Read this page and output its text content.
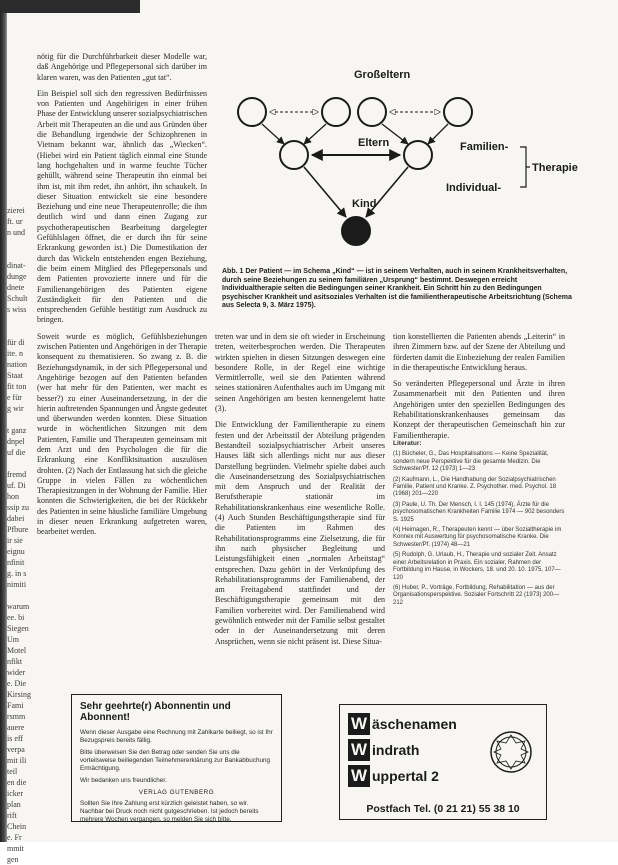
zierei
ft. ur
n und

dinat-
dunge
dnete
Schult
s wiss

für di
ite. n
nation
Staat
fit ton
e für
g wir

t ganz
dnpel
uf die

fremd
uf. Di
hon
ssip zu
dabei
Pfbure
ir sie
eignu
nfinit
g. in s
nimiti

warum
ee. bi
Siegen
Um
Motel
nfikt
wider
e. Die
Kirsing
Fami
rsmm
auere
is eff
verpa
mit ili
teil
en die
icker
plan
rift
Chein
e. Fr
mmit
gen

nötig für die Durchführbarkeit dieser Modelle war, daß Angehörige und Pflegepersonal sich darüber im klaren waren, was den Patienten „gut tat“.

Ein Beispiel soll sich den regressiven Bedürfnissen von Patienten und Angehörigen in einer frühen Phase der Entwicklung unserer sozialpsychiatrischen Arbeit mit Therapeuten an die und aus Gründen über die Behandlung irgendwie der Schizophrenen in Vietnam bekannt war, ähnlich das „Wiecken“. (Hiebei wird ein Patient täglich einmal eine Stunde lang hochgehalten und in warme feuchte Tücher gehüllt, während seine Therapeutin ihn einmal bei ihm ist, mit ihm redet, ihn anhört, ihn schaukelt. In dieser Situation entwickelt sie eine besondere Beziehung und eine neue Therapeutenrolle; die ihm deutlich wird und dann einen Zugang zur psychotherapeutischen Bearbeitung dargelegter Gefühlslagen öffnet, die er durch ihn für seine Erkrankung geworden ist.) Die Domestikation der durch das Wickeln entstehenden engen Beziehung, die beim einem Mitglied des Pflegepersonals und dem Patienten provozierte innere und für die Familienangehörigen des Patienten eigene Zuständigkeit für den Patienten und die entsprechenden Gefühle bestätigt zum Ausdruck zu bringen.

Soweit wurde es möglich, Gefühlsbeziehungen zwischen Patienten und Angehörigen in der Therapie konsequent zu thematisieren. So zwang z. B. die Beziehungsdynamik, in der sich Pflegepersonal und Angehörige bezogen auf den Patienten befanden (wer hat mehr für den Patienten, wer macht es besser?) zu einer Auseinandersetzung, in der die hierin auftretenden Spannungen und Ängste gedeutet und überwunden werden konnten. Diese Situation wurde in wöchentlichen Sitzungen mit dem Patienten, Familie und Therapeuten gemeinsam mit dem Arzt und den Psychologen die für die Erkrankung eine Konfliktsituation auszulösen drohten. (2) Nach der Entlassung hat sich die gleiche Gruppe in vielen Fällen zu wöchentlichen Therapiesitzungen in der Wohnung der Familie. Hier konnten die Schwierigkeiten, die bei der Rückkehr des Patienten in seine häusliche familiäre Umgebung in dieser neuen Erkrankung aufgetreten waren, bearbeitet werden.

Großeltern
Eltern	Familien-
Individual-
Therapie
Kind
Abb. 1 Der Patient — im Schema „Kind“ — ist in seinem Verhalten, auch in seinem Krankheitsverhalten, durch seine Beziehungen zu seinem familiären „Ursprung“ bestimmt. Deswegen erreicht Individualtherapie selten die Bedingungen seiner Krankheit. Ein Schritt hin zu den Bedingungen psychischer Krankheit und asitsoziales Verhalten ist die familientherapeutische Arbeitsrichtung (Schema aus Selecta 9, 3. März 1975).

treten war und in dem sie oft wieder in Erscheinung treten, weiterbesprochen werden. Die Therapeuten wirkten spielten in diesen Sitzungen deswegen eine besondere Rolle, in der Regel eine wichtige Vermittlerrolle, weil sie den Patienten während seines stationären Aufenthaltes auch im Umgang mit seinen Angehörigen am besten kennengelernt hatte (3).

Die Entwicklung der Familientherapie zu einem festen und der Arbeitsstil der Abteilung prägenden Bestandteil sozialpsychiatrischer Arbeit unseres Hauses läßt sich allerdings nicht nur aus dieser Darstellung begründen. Vielmehr spielte dabei auch die Auseinandersetzung des Sozialpsychiatrischen mit dem Anspruch und der Realität der Berufstherapie stationär im Rehabilitationskrankenhaus eine wesentliche Rolle. (4) Auch Stunden Beschäftigungstherapie sind für die Patienten im Rahmen des Rehabilitationsprogramms eine Zielsetzung, die für ihn nach physischer Begleitung und Leistungsfähigkeit einen „normalen Arbeitstag“ entsprechen. Dazu gehört in der Verknüpfung des Rehabilitationsprogramms der Familienabend, der am Freitagabend stattfindet und der Beschäftigungstherapie gemeinsam mit den Familien vorbereitet wird. Der Familienabend wird gewöhnlich entweder mit der Familie selbst gestaltet oder in der Auseinandersetzung mit deren Ansprüchen, wenn sie nicht präsent ist. Diese Situa-

tion konstellierten die Patienten abends „Leiterin“ in ihren Zimmern bzw. auf der Szene der Abteilung und förderten damit die Einbeziehung der realen Familien in die therapeutische Entwicklung heraus.

So veränderten Pflegepersonal und Ärzte in ihren Zusammenarbeit mit den Patienten und ihren Angehörigen unter den speziellen Bedingungen des Rehabilitationskrankenhauses gemeinsam das Konzept der therapeutischen Gemeinschaft hin zur Familientherapie.

Literatur:
(1) Bücheler, G., Das Hospitalisations — Keine Spezialität, sondern neue Perspektive für die gesamte Medizin. Die Schwester/Pf. 12 (1973) 1—23
(2) Kaufmann, L., Die Handhabung der Sozialpsychiatrischen Familie, Patient und Kranke. Z. Psychother. med. Psychol. 18 (1968) 201—220
(3) Paule, U. Th. Der Mensch, I. I. 145 (1974), Ärzte für die psychosomatischen Krankheiten Familie 1974 — 902 besonders S. 1925
(4) Heimagen, R., Therapeuten kennt — über Sozialtherapie im Konnex mit Auswertung für psychosomatische Kranke. Die Schwester/Pf. (1974) 48—21
(5) Rudolph, G. Urlaub, H., Therapie und sozialer Zeit. Ansatz einer Arbeitsrelation in Praxis. Ein sozialer, Rahmen der Fortbildung im Hause, in Wockers, 18. und 20. 10. 1975, 107—120
(6) Huber, P., Vorträge, Fortbildung, Rehabilitation — aus der Organisationsperspektive. Sozialer Fortschritt 22 (1973) 200—212
Sehr geehrte(r) Abonnentin und Abonnent!

Wenn dieser Ausgabe eine Rechnung mit Zahlkarte beiliegt, so ist Ihr Bezugspreis bereits fällig.

Bitte überweisen Sie den Betrag oder senden Sie uns die vorteilsweise beiliegenden Teilnehmererklärung zur Bankabbuchung Ermächtigung.

Wir bedanken uns freundlicher.

VERLAG GUTENBERG

Sollten Sie Ihre Zahlung erst kürzlich geleistet haben, so wir. Nachbar bei Druck noch nicht gutgeschrieben. Ist jedoch bereits mehrere Wochen vergangen, so melden Sie sich bitte.

W äschenamen
W indrath
W uppertal 2
Postfach Tel. (0 21 21) 55 38 10
